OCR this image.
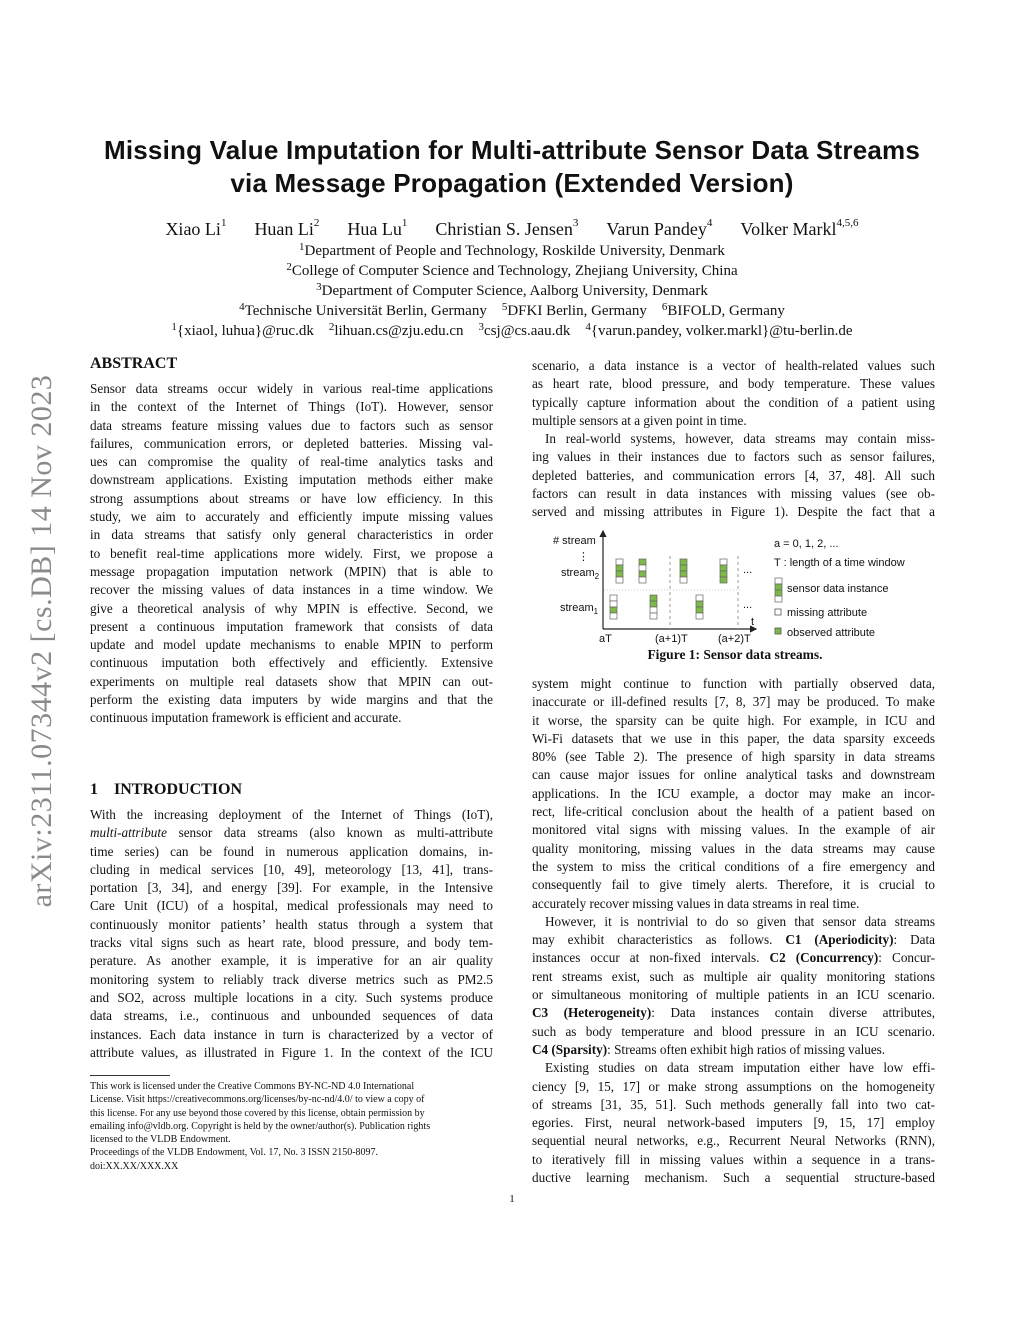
Missing Value Imputation for Multi-attribute Sensor Data Streams
via Message Propagation (Extended Version)
Xiao Li$^1$ Huan Li$^2$ Hua Lu$^1$ Christian S. Jensen$^3$ Varun Pandey$^4$ Volker Markl$^{4,5,6}$
$^1$Department of People and Technology, Roskilde University, Denmark
$^2$College of Computer Science and Technology, Zhejiang University, China
$^3$Department of Computer Science, Aalborg University, Denmark
$^4$Technische Universität Berlin, Germany  $^5$DFKI Berlin, Germany  $^6$BIFOLD, Germany
$^1${xiaol, luhua}@ruc.dk  $^2$lihuan.cs@zju.edu.cn  $^3$csj@cs.aau.dk  $^4${varun.pandey, volker.markl}@tu-berlin.de
arXiv:2311.07344v2 [cs.DB] 14 Nov 2023
ABSTRACT
Sensor data streams occur widely in various real-time applications
in the context of the Internet of Things (IoT). However, sensor
data streams feature missing values due to factors such as sensor
failures, communication errors, or depleted batteries. Missing val-
ues can compromise the quality of real-time analytics tasks and
downstream applications. Existing imputation methods either make
strong assumptions about streams or have low efficiency. In this
study, we aim to accurately and efficiently impute missing values
in data streams that satisfy only general characteristics in order
to benefit real-time applications more widely. First, we propose a
message propagation imputation network (MPIN) that is able to
recover the missing values of data instances in a time window. We
give a theoretical analysis of why MPIN is effective. Second, we
present a continuous imputation framework that consists of data
update and model update mechanisms to enable MPIN to perform
continuous imputation both effectively and efficiently. Extensive
experiments on multiple real datasets show that MPIN can out-
perform the existing data imputers by wide margins and that the
continuous imputation framework is efficient and accurate.
1 INTRODUCTION
With the increasing deployment of the Internet of Things (IoT),
multi-attribute sensor data streams (also known as multi-attribute
time series) can be found in numerous application domains, in-
cluding in medical services [10, 49], meteorology [13, 41], trans-
portation [3, 34], and energy [39]. For example, in the Intensive
Care Unit (ICU) of a hospital, medical professionals may need to
continuously monitor patients’ health status through a system that
tracks vital signs such as heart rate, blood pressure, and body tem-
perature. As another example, it is imperative for an air quality
monitoring system to reliably track diverse metrics such as PM2.5
and SO2, across multiple locations in a city. Such systems produce
data streams, i.e., continuous and unbounded sequences of data
instances. Each data instance in turn is characterized by a vector of
attribute values, as illustrated in Figure 1. In the context of the ICU
scenario, a data instance is a vector of health-related values such
as heart rate, blood pressure, and body temperature. These values
typically capture information about the condition of a patient using
multiple sensors at a given point in time.
In real-world systems, however, data streams may contain miss-
ing values in their instances due to factors such as sensor failures,
depleted batteries, and communication errors [4, 37, 48]. All such
factors can result in data instances with missing values (see ob-
served and missing attributes in Figure 1). Despite the fact that a
# stream
⋮
stream$_2$
stream$_1$
aT	(a+1)T	(a+2)T
t
...
...
a = 0, 1, 2, ...
T : length of a time window
sensor data instance
missing attribute
observed attribute
Figure 1: Sensor data streams.
system might continue to function with partially observed data,
inaccurate or ill-defined results [7, 8, 37] may be produced. To make
it worse, the sparsity can be quite high. For example, in ICU and
Wi-Fi datasets that we use in this paper, the data sparsity exceeds
80% (see Table 2). The presence of high sparsity in data streams
can cause major issues for online analytical tasks and downstream
applications. In the ICU example, a doctor may make an incor-
rect, life-critical conclusion about the health of a patient based on
monitored vital signs with missing values. In the example of air
quality monitoring, missing values in the data streams may cause
the system to miss the critical conditions of a fire emergency and
consequently fail to give timely alerts. Therefore, it is crucial to
accurately recover missing values in data streams in real time.
However, it is nontrivial to do so given that sensor data streams
may exhibit characteristics as follows. C1 (Aperiodicity): Data
instances occur at non-fixed intervals. C2 (Concurrency): Concur-
rent streams exist, such as multiple air quality monitoring stations
or simultaneous monitoring of multiple patients in an ICU scenario.
C3 (Heterogeneity): Data instances contain diverse attributes,
such as body temperature and blood pressure in an ICU scenario.
C4 (Sparsity): Streams often exhibit high ratios of missing values.
Existing studies on data stream imputation either have low effi-
ciency [9, 15, 17] or make strong assumptions on the homogeneity
of streams [31, 35, 51]. Such methods generally fall into two cat-
egories. First, neural network-based imputers [9, 15, 17] employ
sequential neural networks, e.g., Recurrent Neural Networks (RNN),
to iteratively fill in missing values within a sequence in a trans-
ductive learning mechanism. Such a sequential structure-based
This work is licensed under the Creative Commons BY-NC-ND 4.0 International
License. Visit https://creativecommons.org/licenses/by-nc-nd/4.0/ to view a copy of
this license. For any use beyond those covered by this license, obtain permission by
emailing info@vldb.org. Copyright is held by the owner/author(s). Publication rights
licensed to the VLDB Endowment.
Proceedings of the VLDB Endowment, Vol. 17, No. 3 ISSN 2150-8097.
doi:XX.XX/XXX.XX
1
